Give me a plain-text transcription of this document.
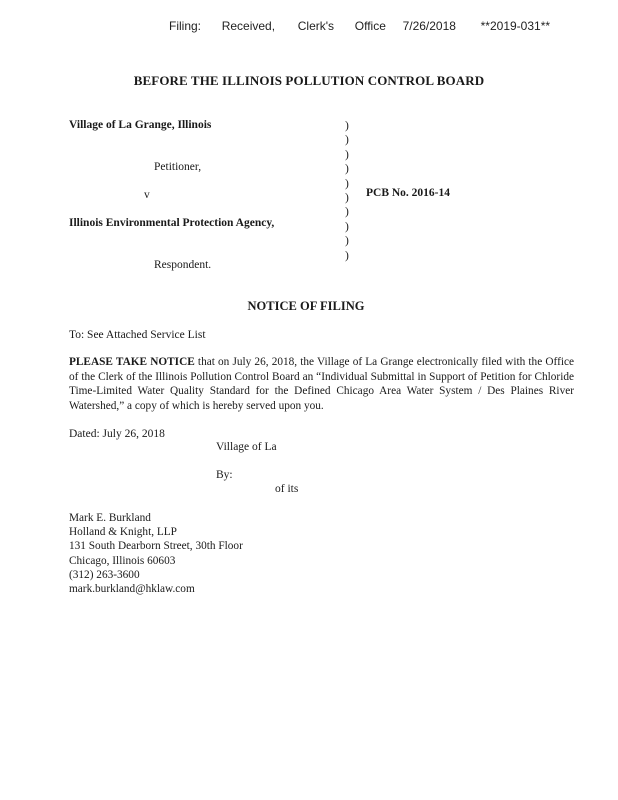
Filing: Received, Clerk's Office 7/26/2018 **2019-031**
BEFORE THE ILLINOIS POLLUTION CONTROL BOARD
Village of La Grange, Illinois
Petitioner,
v	PCB No. 2016-14
Illinois Environmental Protection Agency,
Respondent.
)
)
)
)
)
)
)
)
)
)
NOTICE OF FILING
To: See Attached Service List
PLEASE TAKE NOTICE that on July 26, 2018, the Village of La Grange electronically filed with the Office of the Clerk of the Illinois Pollution Control Board an “Individual Submittal in Support of Petition for Chloride Time-Limited Water Quality Standard for the Defined Chicago Area Water System / Des Plaines River Watershed,” a copy of which is hereby served upon you.
Dated: July 26, 2018
Village of La
By:
of its
Mark E. Burkland
Holland & Knight, LLP
131 South Dearborn Street, 30th Floor
Chicago, Illinois 60603
(312) 263-3600
mark.burkland@hklaw.com
